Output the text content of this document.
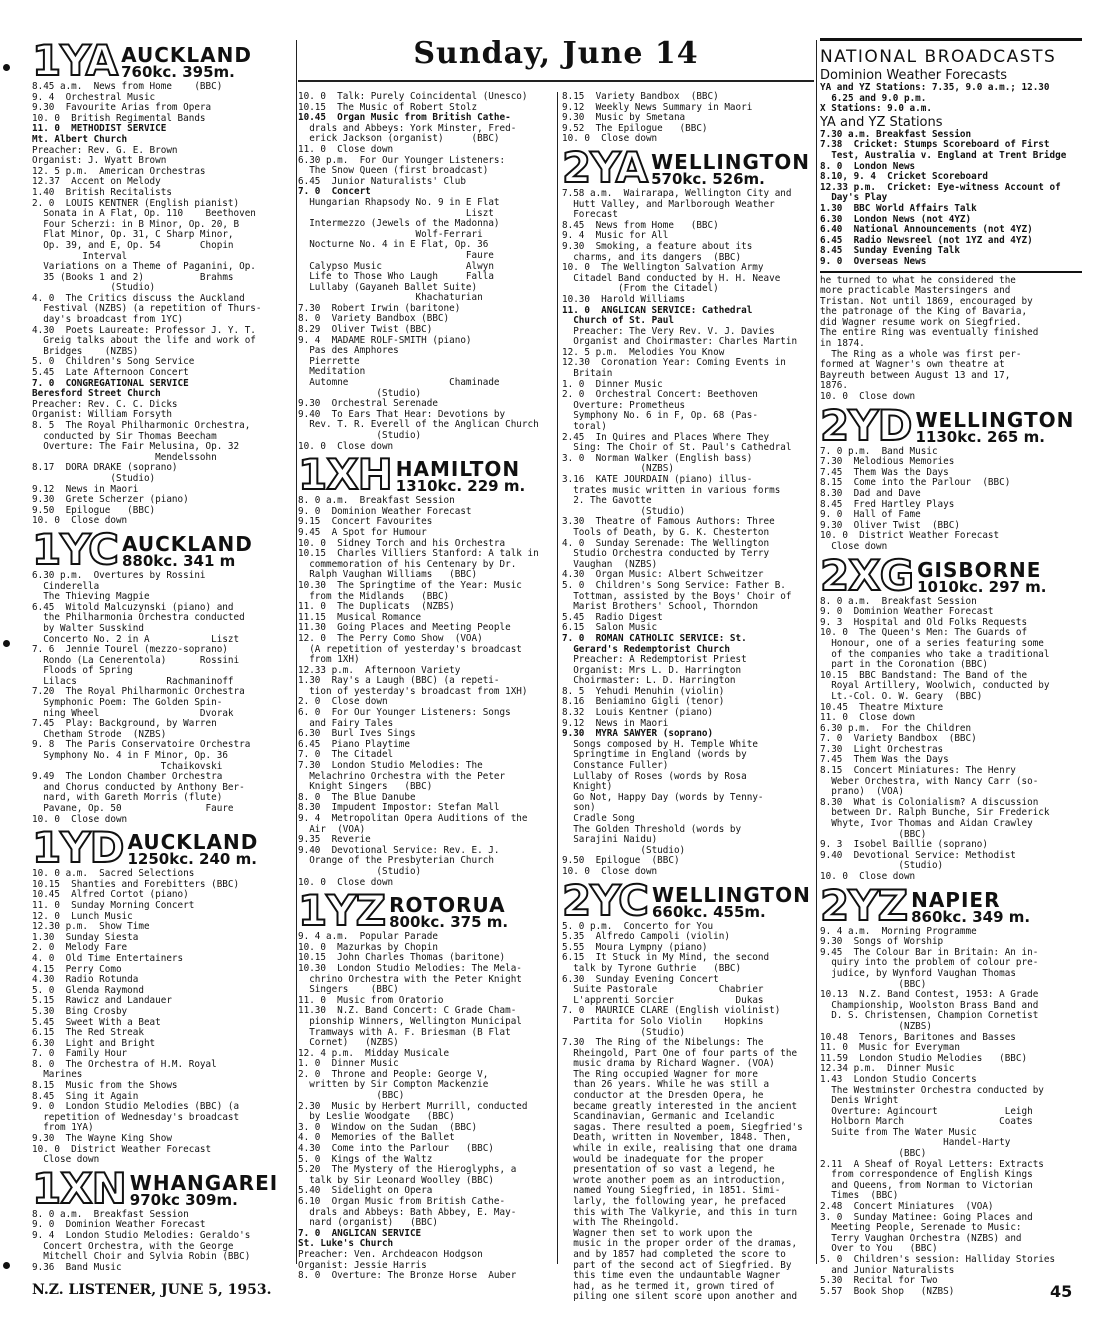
Sunday, June 14
1YA AUCKLAND
760kc. 395m.
8.45 a.m.  News from Home    (BBC)
9. 4  Orchestral Music
9.30  Favourite Arias from Opera
10. 0  British Regimental Bands
11. 0  METHODIST SERVICE
Mt. Albert Church
Preacher: Rev. G. E. Brown
Organist: J. Wyatt Brown
12. 5 p.m.  American Orchestras
12.37  Accent on Melody
1.40  British Recitalists
2. 0  LOUIS KENTNER (English pianist)
Sonata in A Flat, Op. 110    Beethoven
Four Scherzi: in B Minor, Op. 20, B
Flat Minor, Op. 31, C Sharp Minor,
Op. 39, and E, Op. 54       Chopin
Interval
Variations on a Theme of Paganini, Op.
35 (Books 1 and 2)          Brahms
(Studio)
4. 0  The Critics discuss the Auckland
Festival (NZBS) (a repetition of Thurs-
day's broadcast from 1YC)
4.30  Poets Laureate: Professor J. Y. T.
Greig talks about the life and work of
Bridges    (NZBS)
5. 0  Children's Song Service
5.45  Late Afternoon Concert
7. 0  CONGREGATIONAL SERVICE
Beresford Street Church
Preacher: Rev. C. C. Dicks
Organist: William Forsyth
8. 5  The Royal Philharmonic Orchestra,
conducted by Sir Thomas Beecham
Overture: The Fair Melusina, Op. 32
Mendelssohn
8.17  DORA DRAKE (soprano)
(Studio)
9.12  News in Maori
9.30  Grete Scherzer (piano)
9.50  Epilogue   (BBC)
10. 0  Close down
1YC AUCKLAND
880kc. 341 m
6.30 p.m.  Overtures by Rossini
Cinderella
The Thieving Magpie
6.45  Witold Malcuzynski (piano) and
the Philharmonia Orchestra conducted
by Walter Susskind
Concerto No. 2 in A           Liszt
7. 6  Jennie Tourel (mezzo-soprano)
Rondo (La Cenerentola)      Rossini
Floods of Spring
Lilacs                Rachmaninoff
7.20  The Royal Philharmonic Orchestra
Symphonic Poem: The Golden Spin-
ning Wheel                  Dvorak
7.45  Play: Background, by Warren
Chetham Strode  (NZBS)
9. 8  The Paris Conservatoire Orchestra
Symphony No. 4 in F Minor, Op. 36
Tchaikovski
9.49  The London Chamber Orchestra
and Chorus conducted by Anthony Ber-
nard, with Gareth Morris (flute)
Pavane, Op. 50               Faure
10. 0  Close down
1YD AUCKLAND
1250kc. 240 m.
10. 0 a.m.  Sacred Selections
10.15  Shanties and Forebitters (BBC)
10.45  Alfred Cortot (piano)
11. 0  Sunday Morning Concert
12. 0  Lunch Music
12.30 p.m.  Show Time
1.30  Sunday Siesta
2. 0  Melody Fare
4. 0  Old Time Entertainers
4.15  Perry Como
4.30  Radio Rotunda
5. 0  Glenda Raymond
5.15  Rawicz and Landauer
5.30  Bing Crosby
5.45  Sweet With a Beat
6.15  The Red Streak
6.30  Light and Bright
7. 0  Family Hour
8. 0  The Orchestra of H.M. Royal
Marines
8.15  Music from the Shows
8.45  Sing it Again
9. 0  London Studio Melodies (BBC) (a
repetition of Wednesday's broadcast
from 1YA)
9.30  The Wayne King Show
10. 0  District Weather Forecast
Close down
1XN WHANGAREI
970kc 309m.
8. 0 a.m.  Breakfast Session
9. 0  Dominion Weather Forecast
9. 4  London Studio Melodies: Geraldo's
Concert Orchestra, with the George
Mitchell Choir and Sylvia Robin (BBC)
9.36  Band Music
10. 0  Talk: Purely Coincidental (Unesco)
10.15  The Music of Robert Stolz
10.45  Organ Music from British Cathe-
drals and Abbeys: York Minster, Fred-
erick Jackson (organist)     (BBC)
11. 0  Close down
6.30 p.m.  For Our Younger Listeners:
The Snow Queen (first broadcast)
6.45  Junior Naturalists' Club
7. 0  Concert
Hungarian Rhapsody No. 9 in E Flat
Liszt
Intermezzo (Jewels of the Madonna)
Wolf-Ferrari
Nocturne No. 4 in E Flat, Op. 36
Faure
Calypso Music               Alwyn
Life to Those Who Laugh     Falla
Lullaby (Gayaneh Ballet Suite)
Khachaturian
7.30  Robert Irwin (baritone)
8. 0  Variety Bandbox (BBC)
8.29  Oliver Twist (BBC)
9. 4  MADAME ROLF-SMITH (piano)
Pas des Amphores
Pierrette
Meditation
Automne                  Chaminade
(Studio)
9.30  Orchestral Serenade
9.40  To Ears That Hear: Devotions by
Rev. T. R. Everell of the Anglican Church
(Studio)
10. 0  Close down
1XH HAMILTON
1310kc. 229 m.
8. 0 a.m.  Breakfast Session
9. 0  Dominion Weather Forecast
9.15  Concert Favourites
9.45  A Spot for Humour
10. 0  Sidney Torch and his Orchestra
10.15  Charles Villiers Stanford: A talk in
commemoration of his Centenary by Dr.
Ralph Vaughan Williams   (BBC)
10.30  The Springtime of the Year: Music
from the Midlands   (BBC)
11. 0  The Duplicats  (NZBS)
11.15  Musical Romance
11.30  Going Places and Meeting People
12. 0  The Perry Como Show  (VOA)
(A repetition of yesterday's broadcast
from 1XH)
12.33 p.m.  Afternoon Variety
1.30  Ray's a Laugh (BBC) (a repeti-
tion of yesterday's broadcast from 1XH)
2. 0  Close down
6. 0  For Our Younger Listeners: Songs
and Fairy Tales
6.30  Burl Ives Sings
6.45  Piano Playtime
7. 0  The Citadel
7.30  London Studio Melodies: The
Melachrino Orchestra with the Peter
Knight Singers   (BBC)
8. 0  The Blue Danube
8.30  Impudent Impostor: Stefan Mall
9. 4  Metropolitan Opera Auditions of the
Air  (VOA)
9.35  Reverie
9.40  Devotional Service: Rev. E. J.
Orange of the Presbyterian Church
(Studio)
10. 0  Close down
1YZ ROTORUA
800kc. 375 m.
9. 4 a.m.  Popular Parade
10. 0  Mazurkas by Chopin
10.15  John Charles Thomas (baritone)
10.30  London Studio Melodies: The Mela-
chrino Orchestra with the Peter Knight
Singers    (BBC)
11. 0  Music from Oratorio
11.30  N.Z. Band Concert: C Grade Cham-
pionship Winners, Wellington Municipal
Tramways with A. F. Briesman (B Flat
Cornet)   (NZBS)
12. 4 p.m.  Midday Musicale
1. 0  Dinner Music
2. 0  Throne and People: George V,
written by Sir Compton Mackenzie
(BBC)
2.30  Music by Herbert Murrill, conducted
by Leslie Woodgate   (BBC)
3. 0  Window on the Sudan  (BBC)
4. 0  Memories of the Ballet
4.30  Come into the Parlour   (BBC)
5. 0  Kings of the Waltz
5.20  The Mystery of the Hieroglyphs, a
talk by Sir Leonard Woolley (BBC)
5.40  Sidelight on Opera
6.10  Organ Music from British Cathe-
drals and Abbeys: Bath Abbey, E. May-
nard (organist)   (BBC)
7. 0  ANGLICAN SERVICE
St. Luke's Church
Preacher: Ven. Archdeacon Hodgson
Organist: Jessie Harris
8. 0  Overture: The Bronze Horse  Auber
8.15  Variety Bandbox  (BBC)
9.12  Weekly News Summary in Maori
9.30  Music by Smetana
9.52  The Epilogue   (BBC)
10. 0  Close down
2YA WELLINGTON
570kc. 526m.
7.58 a.m.  Wairarapa, Wellington City and
Hutt Valley, and Marlborough Weather
Forecast
8.45  News from Home   (BBC)
9. 4  Music for All
9.30  Smoking, a feature about its
charms, and its dangers  (BBC)
10. 0  The Wellington Salvation Army
Citadel Band conducted by H. H. Neave
(From the Citadel)
10.30  Harold Williams
11. 0  ANGLICAN SERVICE: Cathedral
Church of St. Paul
Preacher: The Very Rev. V. J. Davies
Organist and Choirmaster: Charles Martin
12. 5 p.m.  Melodies You Know
12.30  Coronation Year: Coming Events in
Britain
1. 0  Dinner Music
2. 0  Orchestral Concert: Beethoven
Overture: Prometheus
Symphony No. 6 in F, Op. 68 (Pas-
toral)
2.45  In Quires and Places Where They
Sing: The Choir of St. Paul's Cathedral
3. 0  Norman Walker (English bass)
(NZBS)
3.16  KATE JOURDAIN (piano) illus-
trates music written in various forms
2. The Gavotte
(Studio)
3.30  Theatre of Famous Authors: Three
Tools of Death, by G. K. Chesterton
4. 0  Sunday Serenade: The Wellington
Studio Orchestra conducted by Terry
Vaughan  (NZBS)
4.30  Organ Music: Albert Schweitzer
5. 0  Children's Song Service: Father B.
Tottman, assisted by the Boys' Choir of
Marist Brothers' School, Thorndon
5.45  Radio Digest
6.15  Salon Music
7. 0  ROMAN CATHOLIC SERVICE: St.
Gerard's Redemptorist Church
Preacher: A Redemptorist Priest
Organist: Mrs L. D. Harrington
Choirmaster: L. D. Harrington
8. 5  Yehudi Menuhin (violin)
8.16  Beniamino Gigli (tenor)
8.32  Louis Kentner (piano)
9.12  News in Maori
9.30  MYRA SAWYER (soprano)
Songs composed by H. Temple White
Springtime in England (words by
Constance Fuller)
Lullaby of Roses (words by Rosa
Knight)
Go Not, Happy Day (words by Tenny-
son)
Cradle Song
The Golden Threshold (words by
Sarajini Naidu)
(Studio)
9.50  Epilogue  (BBC)
10. 0  Close down
2YC WELLINGTON
660kc. 455m.
5. 0 p.m.  Concerto for You
5.35  Alfredo Campoli (violin)
5.55  Moura Lympny (piano)
6.15  It Stuck in My Mind, the second
talk by Tyrone Guthrie   (BBC)
6.30  Sunday Evening Concert
Suite Pastorale           Chabrier
L'apprenti Sorcier           Dukas
7. 0  MAURICE CLARE (English violinist)
Partita for Solo Violin    Hopkins
(Studio)
7.30  The Ring of the Nibelungs: The
Rheingold, Part One of four parts of the
music drama by Richard Wagner. (VOA)
The Ring occupied Wagner for more
than 26 years. While he was still a
conductor at the Dresden Opera, he
became greatly interested in the ancient
Scandinavian, Germanic and Icelandic
sagas. There resulted a poem, Siegfried's
Death, written in November, 1848. Then,
while in exile, realising that one drama
would be inadequate for the proper
presentation of so vast a legend, he
wrote another poem as an introduction,
named Young Siegfried, in 1851. Simi-
larly, the following year, he prefaced
this with The Valkyrie, and this in turn
with The Rheingold.
Wagner then set to work upon the
music in the proper order of the dramas,
and by 1857 had completed the score to
part of the second act of Siegfried. By
this time even the undauntable Wagner
had, as he termed it, grown tired of
piling one silent score upon another and
NATIONAL BROADCASTS
Dominion Weather Forecasts
YA and YZ Stations: 7.35, 9.0 a.m.; 12.30
6.25 and 9.0 p.m.
X Stations: 9.0 a.m.
YA and YZ Stations
7.30 a.m. Breakfast Session
7.38  Cricket: Stumps Scoreboard of First
Test, Australia v. England at Trent Bridge
8. 0  London News
8.10, 9. 4  Cricket Scoreboard
12.33 p.m.  Cricket: Eye-witness Account of
Day's Play
1.30  BBC World Affairs Talk
6.30  London News (not 4YZ)
6.40  National Announcements (not 4YZ)
6.45  Radio Newsreel (not 1YZ and 4YZ)
8.45  Sunday Evening Talk
9. 0  Overseas News
he turned to what he considered the
more practicable Mastersingers and
Tristan. Not until 1869, encouraged by
the patronage of the King of Bavaria,
did Wagner resume work on Siegfried.
The entire Ring was eventually finished
in 1874.
The Ring as a whole was first per-
formed at Wagner's own theatre at
Bayreuth between August 13 and 17,
1876.
10. 0  Close down
2YD WELLINGTON
1130kc. 265 m.
7. 0 p.m.  Band Music
7.30  Melodious Memories
7.45  Them Was the Days
8.15  Come into the Parlour  (BBC)
8.30  Dad and Dave
8.45  Fred Hartley Plays
9. 0  Hall of Fame
9.30  Oliver Twist  (BBC)
10. 0  District Weather Forecast
Close down
2XG GISBORNE
1010kc. 297 m.
8. 0 a.m.  Breakfast Session
9. 0  Dominion Weather Forecast
9. 3  Hospital and Old Folks Requests
10. 0  The Queen's Men: The Guards of
Honour, one of a series featuring some
of the companies who take a traditional
part in the Coronation (BBC)
10.15  BBC Bandstand: The Band of the
Royal Artillery, Woolwich, conducted by
Lt.-Col. O. W. Geary  (BBC)
10.45  Theatre Mixture
11. 0  Close down
6.30 p.m.  For the Children
7. 0  Variety Bandbox  (BBC)
7.30  Light Orchestras
7.45  Them Was the Days
8.15  Concert Miniatures: The Henry
Weber Orchestra, with Nancy Carr (so-
prano)  (VOA)
8.30  What is Colonialism? A discussion
between Dr. Ralph Bunche, Sir Frederick
Whyte, Ivor Thomas and Aidan Crawley
(BBC)
9. 3  Isobel Baillie (soprano)
9.40  Devotional Service: Methodist
(Studio)
10. 0  Close down
2YZ NAPIER
860kc. 349 m.
9. 4 a.m.  Morning Programme
9.30  Songs of Worship
9.45  The Colour Bar in Britain: An in-
quiry into the problem of colour pre-
judice, by Wynford Vaughan Thomas
(BBC)
10.13  N.Z. Band Contest, 1953: A Grade
Championship, Woolston Brass Band and
D. S. Christensen, Champion Cornetist
(NZBS)
10.48  Tenors, Baritones and Basses
11. 0  Music for Everyman
11.59  London Studio Melodies   (BBC)
12.34 p.m.  Dinner Music
1.43  London Studio Concerts
The Westminster Orchestra conducted by
Denis Wright
Overture: Agincourt            Leigh
Holborn March                 Coates
Suite from The Water Music
Handel-Harty
(BBC)
2.11  A Sheaf of Royal Letters: Extracts
from correspondence of English Kings
and Queens, from Norman to Victorian
Times  (BBC)
2.48  Concert Miniatures  (VOA)
3. 0  Sunday Matinee: Going Places and
Meeting People, Serenade to Music:
Terry Vaughan Orchestra (NZBS) and
Over to You   (BBC)
5. 0  Children's session: Halliday Stories
and Junior Naturalists
5.30  Recital for Two
5.57  Book Shop   (NZBS)
N.Z. LISTENER, JUNE 5, 1953.	45
